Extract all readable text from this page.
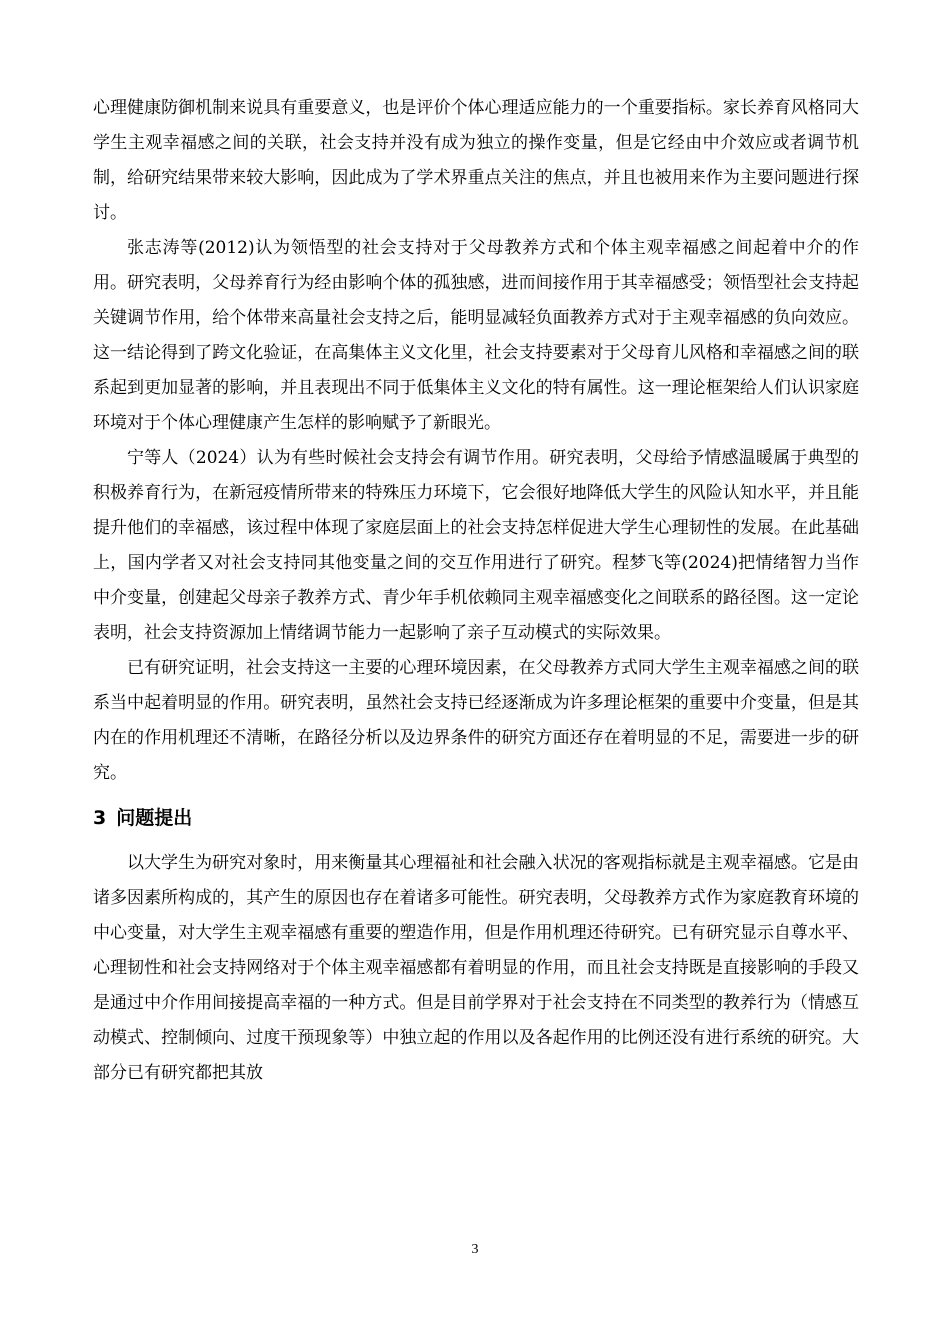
心理健康防御机制来说具有重要意义，也是评价个体心理适应能力的一个重要指标。家长养育风格同大学生主观幸福感之间的关联，社会支持并没有成为独立的操作变量，但是它经由中介效应或者调节机制，给研究结果带来较大影响，因此成为了学术界重点关注的焦点，并且也被用来作为主要问题进行探讨。

张志涛等(2012)认为领悟型的社会支持对于父母教养方式和个体主观幸福感之间起着中介的作用。研究表明，父母养育行为经由影响个体的孤独感，进而间接作用于其幸福感受；领悟型社会支持起关键调节作用，给个体带来高量社会支持之后，能明显减轻负面教养方式对于主观幸福感的负向效应。这一结论得到了跨文化验证，在高集体主义文化里，社会支持要素对于父母育儿风格和幸福感之间的联系起到更加显著的影响，并且表现出不同于低集体主义文化的特有属性。这一理论框架给人们认识家庭环境对于个体心理健康产生怎样的影响赋予了新眼光。

宁等人（2024）认为有些时候社会支持会有调节作用。研究表明，父母给予情感温暖属于典型的积极养育行为，在新冠疫情所带来的特殊压力环境下，它会很好地降低大学生的风险认知水平，并且能提升他们的幸福感，该过程中体现了家庭层面上的社会支持怎样促进大学生心理韧性的发展。在此基础上，国内学者又对社会支持同其他变量之间的交互作用进行了研究。程梦飞等(2024)把情绪智力当作中介变量，创建起父母亲子教养方式、青少年手机依赖同主观幸福感变化之间联系的路径图。这一定论表明，社会支持资源加上情绪调节能力一起影响了亲子互动模式的实际效果。

已有研究证明，社会支持这一主要的心理环境因素，在父母教养方式同大学生主观幸福感之间的联系当中起着明显的作用。研究表明，虽然社会支持已经逐渐成为许多理论框架的重要中介变量，但是其内在的作用机理还不清晰，在路径分析以及边界条件的研究方面还存在着明显的不足，需要进一步的研究。

3 问题提出

以大学生为研究对象时，用来衡量其心理福祉和社会融入状况的客观指标就是主观幸福感。它是由诸多因素所构成的，其产生的原因也存在着诸多可能性。研究表明，父母教养方式作为家庭教育环境的中心变量，对大学生主观幸福感有重要的塑造作用，但是作用机理还待研究。已有研究显示自尊水平、心理韧性和社会支持网络对于个体主观幸福感都有着明显的作用，而且社会支持既是直接影响的手段又是通过中介作用间接提高幸福的一种方式。但是目前学界对于社会支持在不同类型的教养行为（情感互动模式、控制倾向、过度干预现象等）中独立起的作用以及各起作用的比例还没有进行系统的研究。大部分已有研究都把其放

3
